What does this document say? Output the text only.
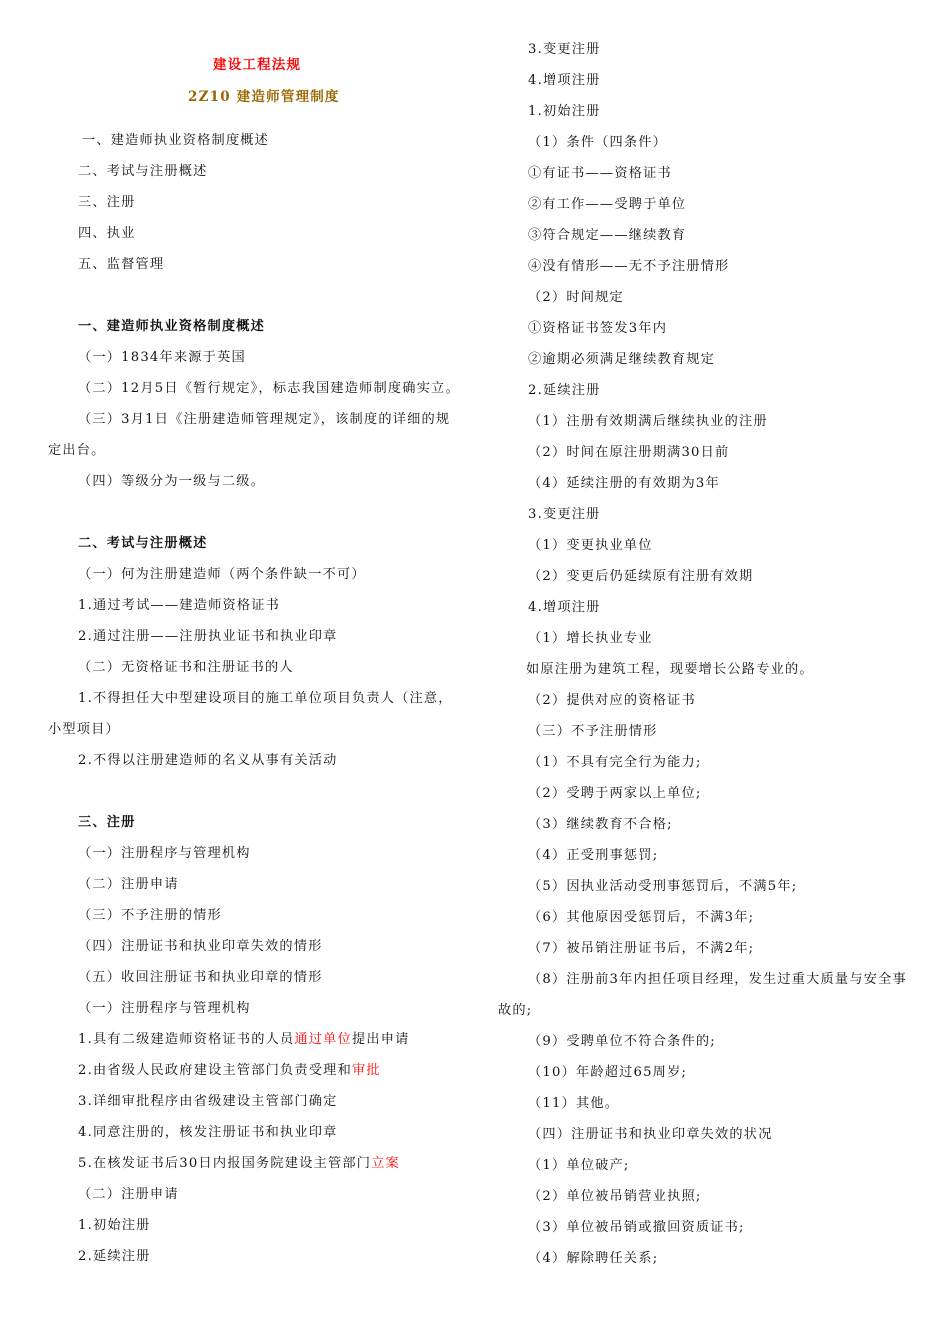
建设工程法规
2Z10 建造师管理制度
一、建造师执业资格制度概述
二、考试与注册概述
三、注册
四、执业
五、监督管理
一、建造师执业资格制度概述
（一）1834年来源于英国
（二）12月5日《暂行规定》，标志我国建造师制度确实立。
（三）3月1日《注册建造师管理规定》，该制度的详细的规
定出台。
（四）等级分为一级与二级。
二、考试与注册概述
（一）何为注册建造师（两个条件缺一不可）
1.通过考试——建造师资格证书
2.通过注册——注册执业证书和执业印章
（二）无资格证书和注册证书的人
1.不得担任大中型建设项目的施工单位项目负责人（注意，
小型项目）
2.不得以注册建造师的名义从事有关活动
三、注册
（一）注册程序与管理机构
（二）注册申请
（三）不予注册的情形
（四）注册证书和执业印章失效的情形
（五）收回注册证书和执业印章的情形
（一）注册程序与管理机构
1.具有二级建造师资格证书的人员通过单位提出申请
2.由省级人民政府建设主管部门负责受理和审批
3.详细审批程序由省级建设主管部门确定
4.同意注册的，核发注册证书和执业印章
5.在核发证书后30日内报国务院建设主管部门立案
（二）注册申请
1.初始注册
2.延续注册
3.变更注册
4.增项注册
1.初始注册
（1）条件（四条件）
①有证书——资格证书
②有工作——受聘于单位
③符合规定——继续教育
④没有情形——无不予注册情形
（2）时间规定
①资格证书签发3年内
②逾期必须满足继续教育规定
2.延续注册
（1）注册有效期满后继续执业的注册
（2）时间在原注册期满30日前
（4）延续注册的有效期为3年
3.变更注册
（1）变更执业单位
（2）变更后仍延续原有注册有效期
4.增项注册
（1）增长执业专业
如原注册为建筑工程，现要增长公路专业的。
（2）提供对应的资格证书
（三）不予注册情形
（1）不具有完全行为能力;
（2）受聘于两家以上单位;
（3）继续教育不合格;
（4）正受刑事惩罚;
（5）因执业活动受刑事惩罚后，不满5年;
（6）其他原因受惩罚后，不满3年;
（7）被吊销注册证书后，不满2年;
（8）注册前3年内担任项目经理，发生过重大质量与安全事
故的;
（9）受聘单位不符合条件的;
（10）年龄超过65周岁;
（11）其他。
（四）注册证书和执业印章失效的状况
（1）单位破产;
（2）单位被吊销营业执照;
（3）单位被吊销或撤回资质证书;
（4）解除聘任关系;
